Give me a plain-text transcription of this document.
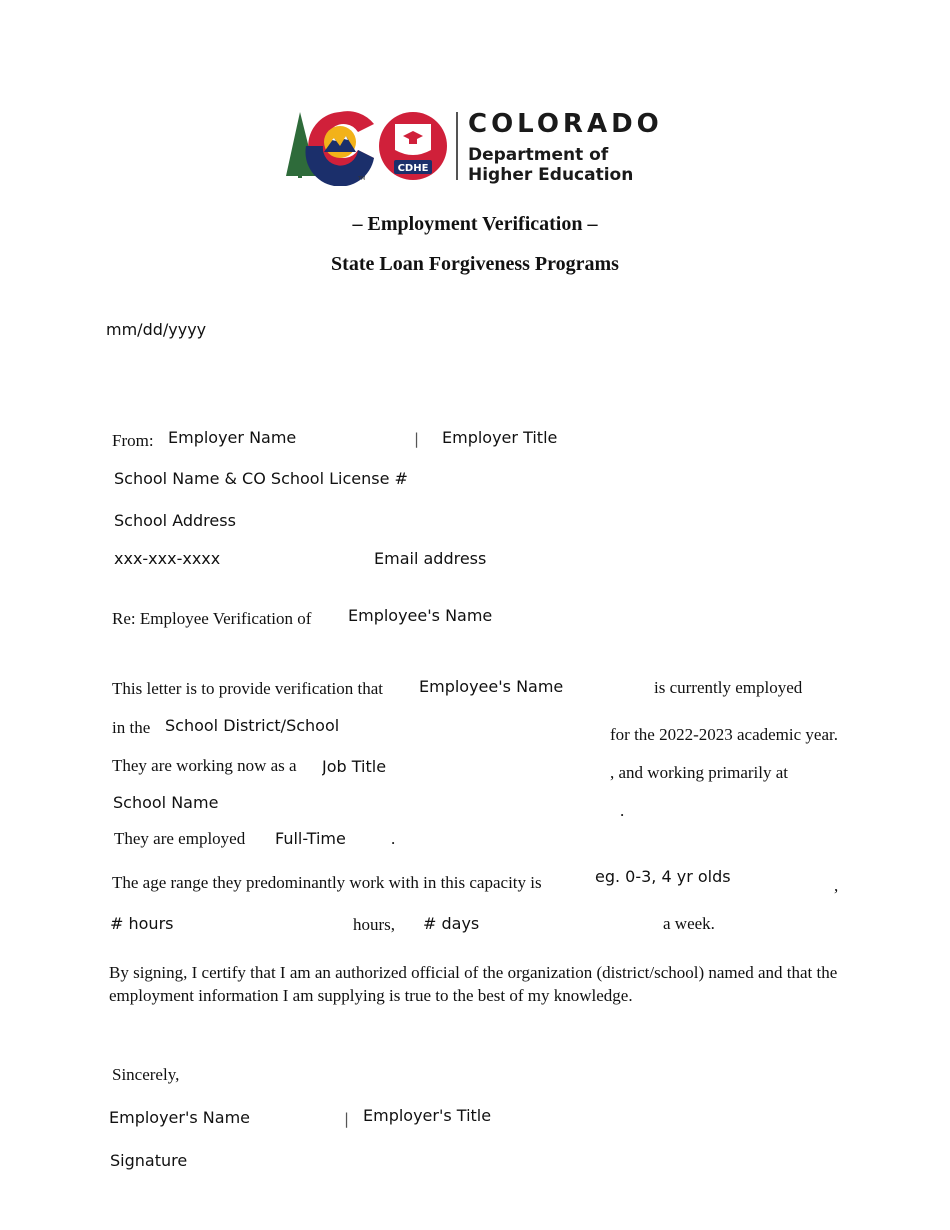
TM
CDHE
COLORADO
Department of
Higher Education
– Employment Verification –
State Loan Forgiveness Programs
mm/dd/yyyy
From:
Employer Name	|
Employer Title
School Name & CO School License #
School Address
xxx-xxx-xxxx
Email address
Re: Employee Verification of
Employee's Name
This letter is to provide verification that
Employee's Name	is currently employed
in the
School District/School	for the 2022-2023 academic year.
They are working now as a
Job Title	, and working primarily at
School Name
.
They are employed
Full-Time	.
The age range they predominantly work with in this capacity is
eg. 0-3, 4 yr olds	,
# hours
hours,
# days	a week.
By signing, I certify that I am an authorized official of the organization (district/school) named and that the employment information I am supplying is true to the best of my knowledge.
Sincerely,
Employer's Name
|
Employer's Title
Signature
